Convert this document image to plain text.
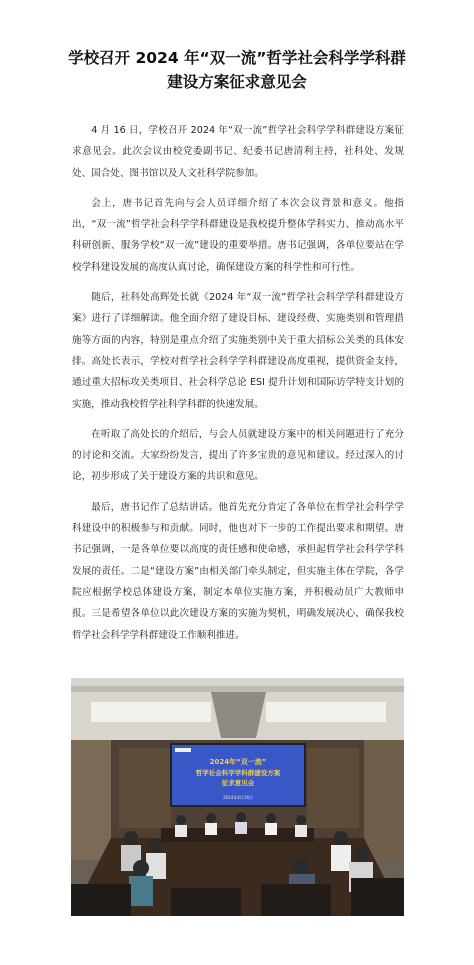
学校召开 2024 年“双一流”哲学社会科学学科群
建设方案征求意见会

4 月 16 日，学校召开 2024 年“双一流”哲学社会科学学科群建设方案征求意见会。此次会议由校党委副书记、纪委书记唐清利主持，社科处、发规处、国合处、图书馆以及人文社科学院参加。

会上，唐书记首先向与会人员详细介绍了本次会议背景和意义。他指出，“双一流”哲学社会科学学科群建设是我校提升整体学科实力、推动高水平科研创新、服务学校“双一流”建设的重要举措。唐书记强调，各单位要站在学校学科建设发展的高度认真讨论，确保建设方案的科学性和可行性。

随后，社科处高辉处长就《2024 年“双一流”哲学社会科学学科群建设方案》进行了详细解读。他全面介绍了建设目标、建设经费、实施类别和管理措施等方面的内容，特别是重点介绍了实施类别中关于重大招标公关类的具体安排。高处长表示，学校对哲学社会科学学科群建设高度重视，提供资金支持，通过重大招标攻关类项目、社会科学总论 ESI 提升计划和国际访学特支计划的实施，推动我校哲学社科学科群的快速发展。

在听取了高处长的介绍后，与会人员就建设方案中的相关问题进行了充分的讨论和交流。大家纷纷发言，提出了许多宝贵的意见和建议。经过深入的讨论，初步形成了关于建设方案的共识和意见。

最后，唐书记作了总结讲话。他首先充分肯定了各单位在哲学社会科学学科建设中的积极参与和贡献。同时，他也对下一步的工作提出要求和期望。唐书记强调，一是各单位要以高度的责任感和使命感，承担起哲学社会科学学科发展的责任。二是“建设方案”由相关部门牵头制定，但实施主体在学院，各学院应根据学校总体建设方案，制定本单位实施方案，并积极动员广大教师申报。三是希望各单位以此次建设方案的实施为契机，明确发展决心，确保我校哲学社会科学学科群建设工作顺利推进。

2024年“双一流”
哲学社会科学学科群建设方案
征求意见会
2024年4月16日
